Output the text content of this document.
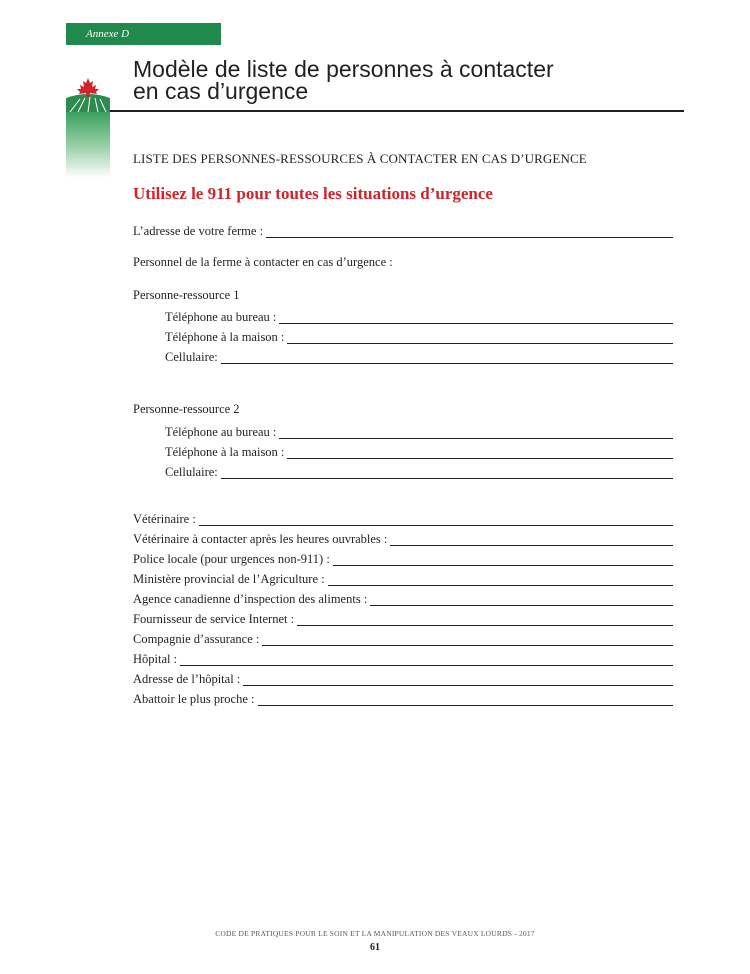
Annexe D
Modèle de liste de personnes à contacter
en cas d’urgence
LISTE DES PERSONNES-RESSOURCES À CONTACTER EN CAS D’URGENCE
Utilisez le 911 pour toutes les situations d’urgence
L’adresse de votre ferme :
Personnel de la ferme à contacter en cas d’urgence :
Personne-ressource 1
Téléphone au bureau :
Téléphone à la maison :
Cellulaire:
Personne-ressource 2
Téléphone au bureau :
Téléphone à la maison :
Cellulaire:
Vétérinaire :
Vétérinaire à contacter après les heures ouvrables :
Police locale (pour urgences non-911) :
Ministère provincial de l’Agriculture :
Agence canadienne d’inspection des aliments :
Fournisseur de service Internet :
Compagnie d’assurance :
Hôpital :
Adresse de l’hôpital :
Abattoir le plus proche :
CODE DE PRATIQUES POUR LE SOIN ET LA MANIPULATION DES VEAUX LOURDS - 2017
61
